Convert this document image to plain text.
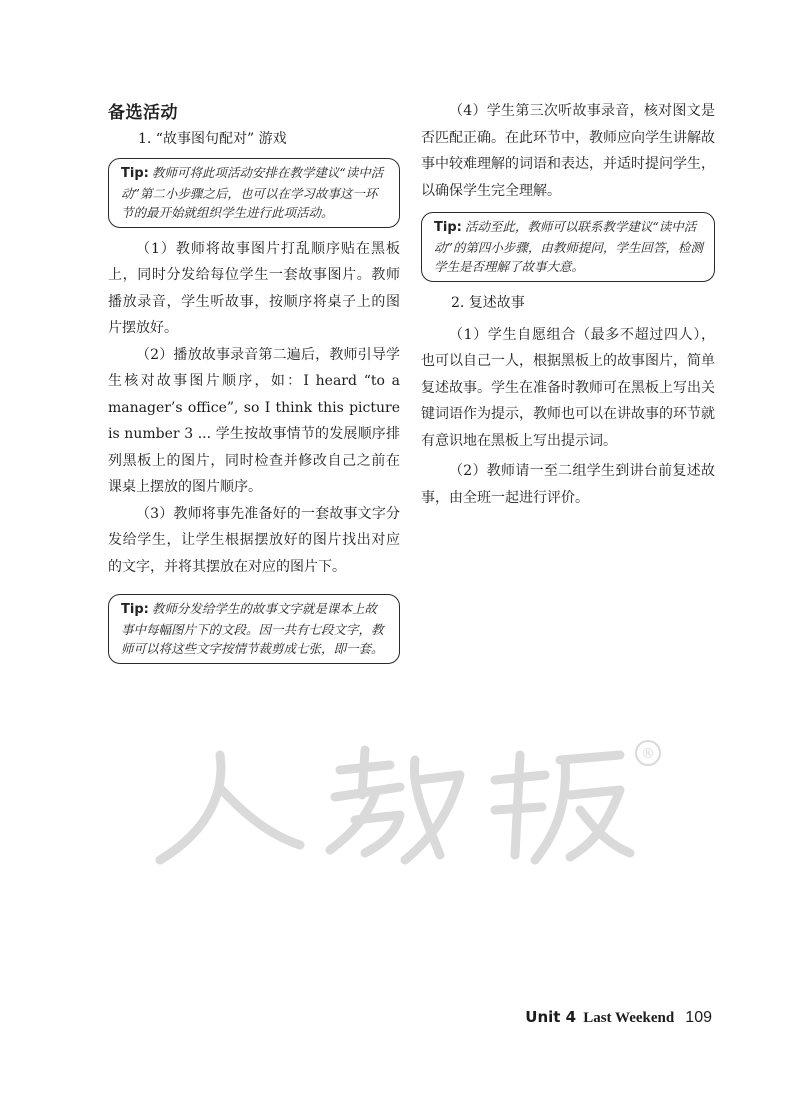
备选活动
1. “故事图句配对” 游戏
Tip: 教师可将此项活动安排在教学建议“读中活动”第二小步骤之后，也可以在学习故事这一环节的最开始就组织学生进行此项活动。

（1）教师将故事图片打乱顺序贴在黑板上，同时分发给每位学生一套故事图片。教师播放录音，学生听故事，按顺序将桌子上的图片摆放好。

（2）播放故事录音第二遍后，教师引导学生核对故事图片顺序，如：I heard “to a manager’s office”, so I think this picture is number 3 ... 学生按故事情节的发展顺序排列黑板上的图片，同时检查并修改自己之前在课桌上摆放的图片顺序。

（3）教师将事先准备好的一套故事文字分发给学生，让学生根据摆放好的图片找出对应的文字，并将其摆放在对应的图片下。

Tip: 教师分发给学生的故事文字就是课本上故事中每幅图片下的文段。因一共有七段文字，教师可以将这些文字按情节裁剪成七张，即一套。

（4）学生第三次听故事录音，核对图文是否匹配正确。在此环节中，教师应向学生讲解故事中较难理解的词语和表达，并适时提问学生，以确保学生完全理解。

Tip: 活动至此，教师可以联系教学建议“读中活动”的第四小步骤，由教师提问，学生回答，检测学生是否理解了故事大意。
2. 复述故事

（1）学生自愿组合（最多不超过四人），也可以自己一人，根据黑板上的故事图片，简单复述故事。学生在准备时教师可在黑板上写出关键词语作为提示，教师也可以在讲故事的环节就有意识地在黑板上写出提示词。

（2）教师请一至二组学生到讲台前复述故事，由全班一起进行评价。

®
Unit 4 Last Weekend 109
